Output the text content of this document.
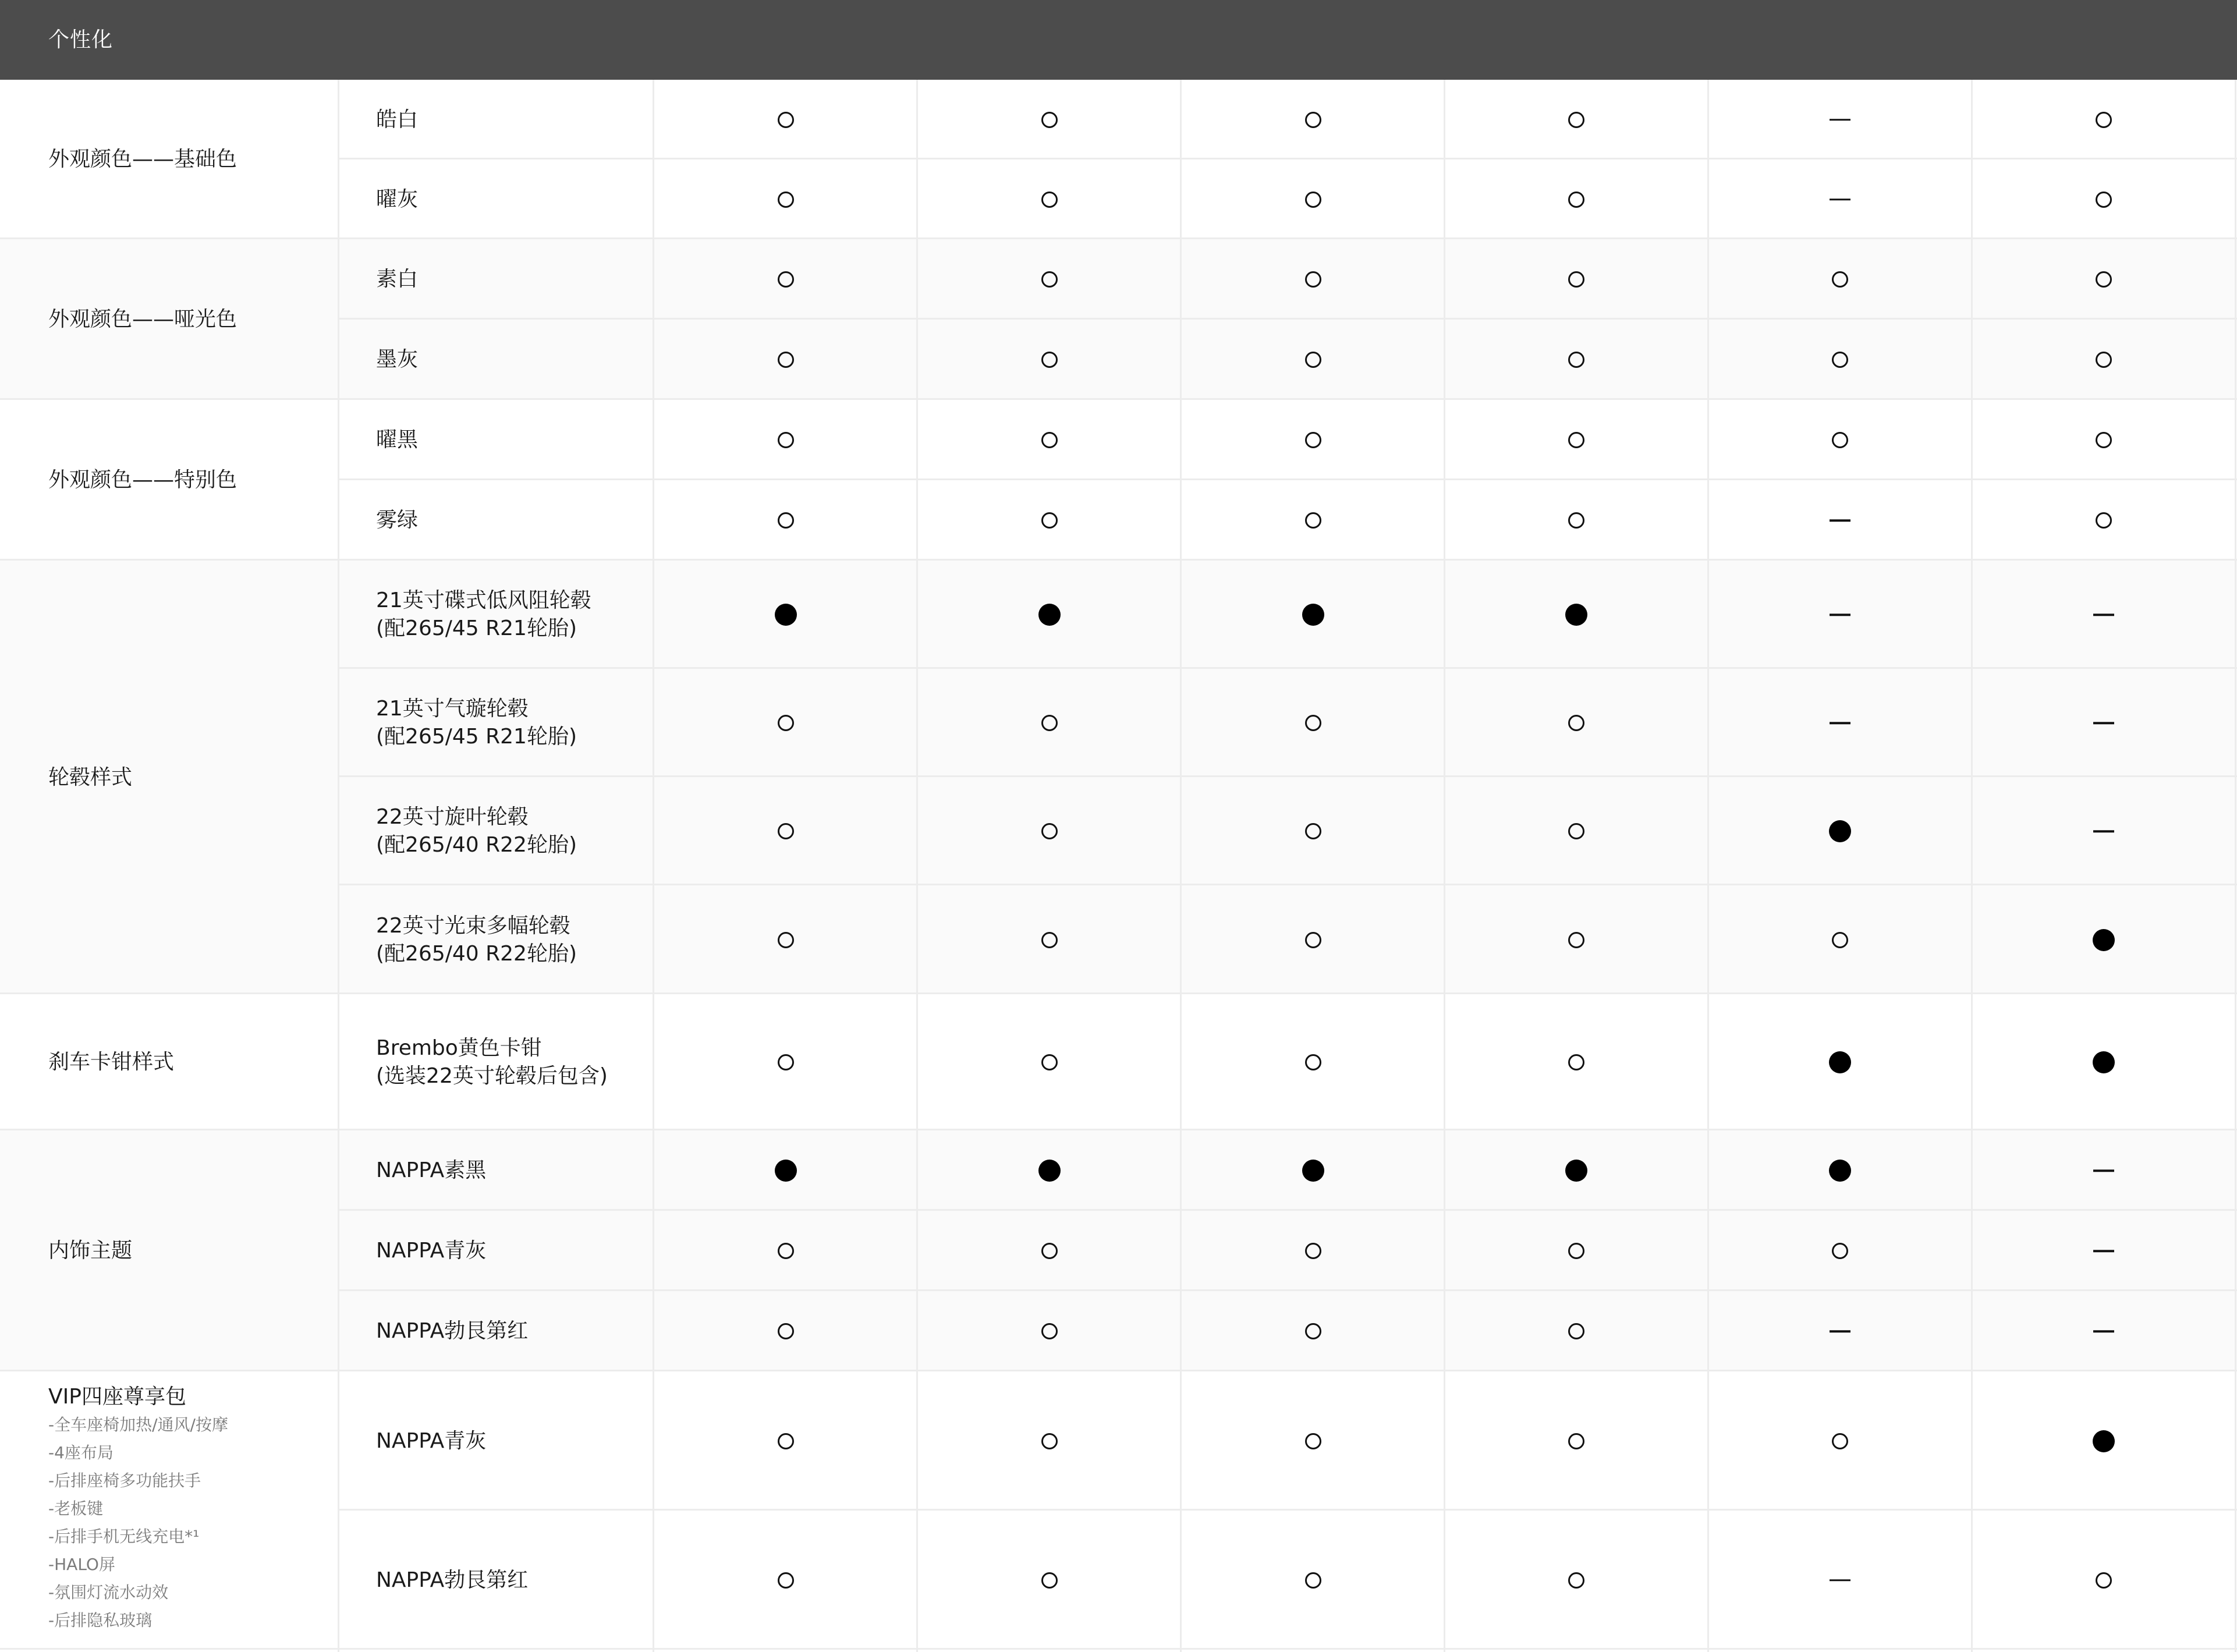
个性化
外观颜色——基础色
皓白
曜灰
外观颜色——哑光色
素白
墨灰
外观颜色——特别色
曜黑
雾绿
轮毂样式
21英寸碟式低风阻轮毂
(配265/45 R21轮胎)
21英寸气璇轮毂
(配265/45 R21轮胎)
22英寸旋叶轮毂
(配265/40 R22轮胎)
22英寸光束多幅轮毂
(配265/40 R22轮胎)
刹车卡钳样式
Brembo黄色卡钳
(选装22英寸轮毂后包含)
内饰主题
NAPPA素黑
NAPPA青灰
NAPPA勃艮第红
VIP四座尊享包
-全车座椅加热/通风/按摩
-4座布局
-后排座椅多功能扶手
-老板键
-后排手机无线充电*¹
-HALO屏
-氛围灯流水动效
-后排隐私玻璃
NAPPA青灰
NAPPA勃艮第红
